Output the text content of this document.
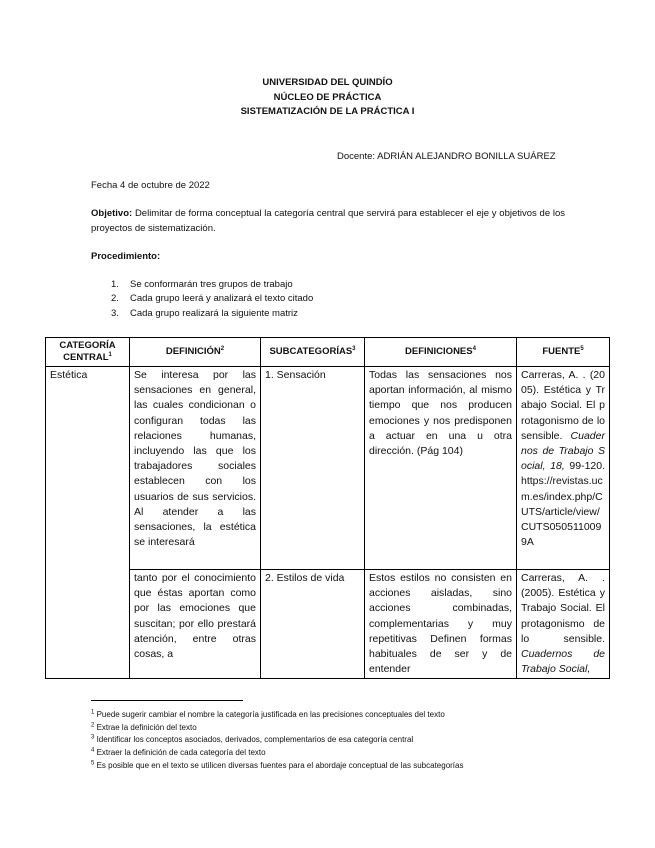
UNIVERSIDAD DEL QUINDÍO
NÚCLEO DE PRÁCTICA
SISTEMATIZACIÓN DE LA PRÁCTICA I
Docente: ADRIÁN ALEJANDRO BONILLA SUÁREZ
Fecha 4 de octubre de 2022
Objetivo: Delimitar de forma conceptual la categoría central que servirá para establecer el eje y objetivos de los proyectos de sistematización.
Procedimiento:
1. Se conformarán tres grupos de trabajo
2. Cada grupo leerá y analizará el texto citado
3. Cada grupo realizará la siguiente matriz
CATEGORÍA CENTRAL$^1$	DEFINICIÓN$^2$	SUBCATEGORÍAS$^3$	DEFINICIONES$^4$	FUENTE$^5$
Estética	Se interesa por las sensaciones en general, las cuales condicionan o configuran todas las relaciones humanas, incluyendo las que los trabajadores sociales establecen con los usuarios de sus servicios. Al atender a las sensaciones, la estética se interesará	1. Sensación	Todas las sensaciones nos aportan información, al mismo tiempo que nos producen emociones y nos predisponen a actuar en una u otra dirección. (Pág 104)	Carreras, A. . (2005). Estética y Trabajo Social. El protagonismo de lo sensible. Cuadernos de Trabajo Social, 18, 99-120. https://revistas.ucm.es/index.php/CUTS/article/view/CUTS0505110099A
	tanto por el conocimiento que éstas aportan como por las emociones que suscitan; por ello prestará atención, entre otras cosas, a	2. Estilos de vida	Estos estilos no consisten en acciones aisladas, sino acciones combinadas, complementarias y muy repetitivas Definen formas habituales de ser y de entender	Carreras, A. . (2005). Estética y Trabajo Social. El protagonismo de lo sensible. Cuadernos de Trabajo Social,
$^1$ Puede sugerir cambiar el nombre la categoría justificada en las precisiones conceptuales del texto
$^2$ Extrae la definición del texto
$^3$ Identificar los conceptos asociados, derivados, complementarios de esa categoría central
$^4$ Extraer la definición de cada categoría del texto
$^5$ Es posible que en el texto se utilicen diversas fuentes para el abordaje conceptual de las subcategorías
